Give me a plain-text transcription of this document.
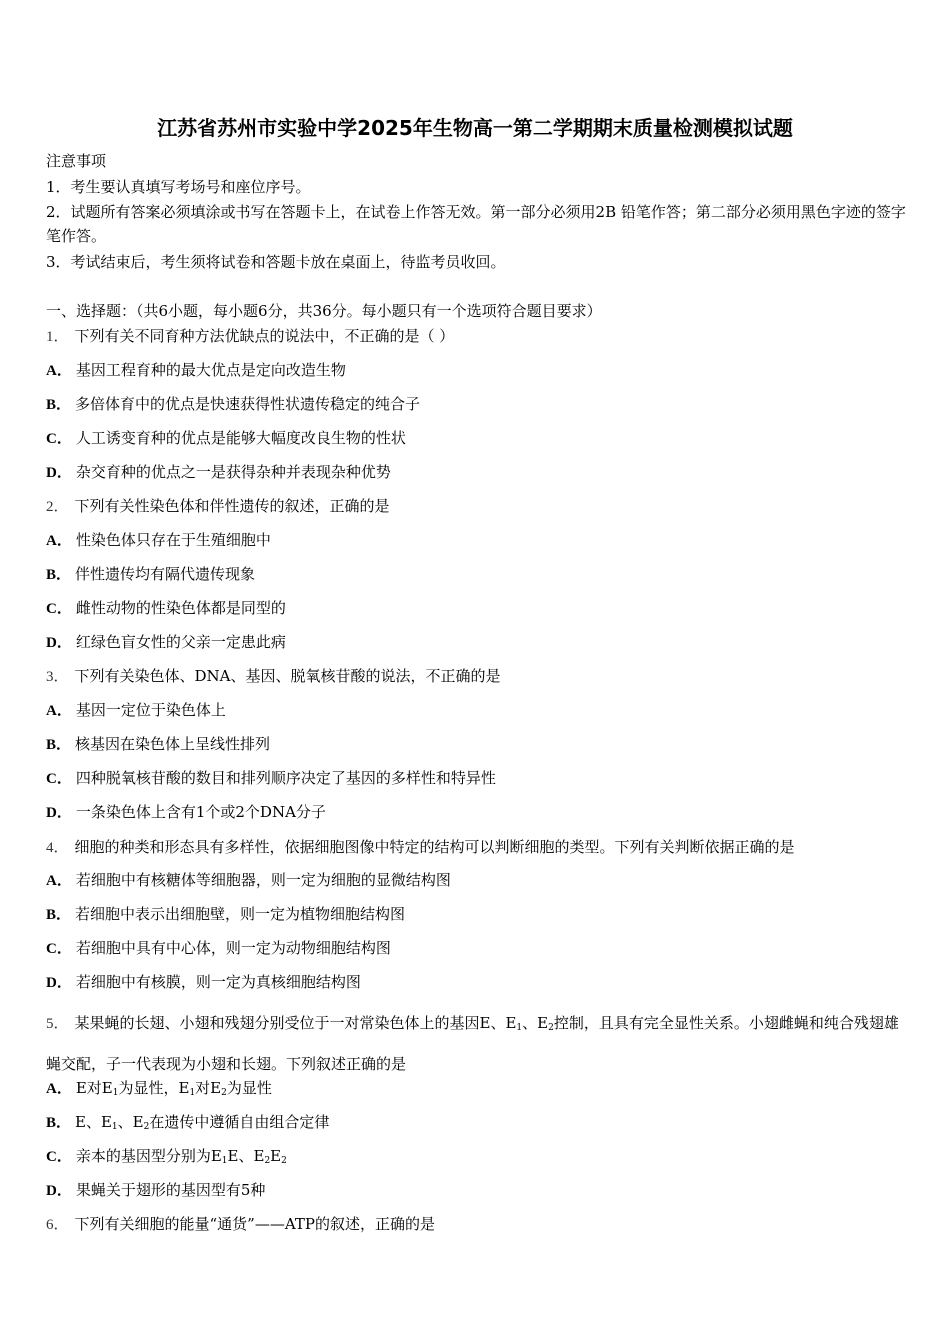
江苏省苏州市实验中学2025年生物高一第二学期期末质量检测模拟试题
注意事项
1．考生要认真填写考场号和座位序号。
2．试题所有答案必须填涂或书写在答题卡上，在试卷上作答无效。第一部分必须用2B 铅笔作答；第二部分必须用黑色字迹的签字笔作答。
3．考试结束后，考生须将试卷和答题卡放在桌面上，待监考员收回。
一、选择题：（共6小题，每小题6分，共36分。每小题只有一个选项符合题目要求）
1． 下列有关不同育种方法优缺点的说法中，不正确的是（ ）
A． 基因工程育种的最大优点是定向改造生物
B． 多倍体育中的优点是快速获得性状遗传稳定的纯合子
C． 人工诱变育种的优点是能够大幅度改良生物的性状
D． 杂交育种的优点之一是获得杂种并表现杂种优势
2． 下列有关性染色体和伴性遗传的叙述，正确的是
A． 性染色体只存在于生殖细胞中
B． 伴性遗传均有隔代遗传现象
C． 雌性动物的性染色体都是同型的
D． 红绿色盲女性的父亲一定患此病
3． 下列有关染色体、DNA、基因、脱氧核苷酸的说法，不正确的是
A． 基因一定位于染色体上
B． 核基因在染色体上呈线性排列
C． 四种脱氧核苷酸的数目和排列顺序决定了基因的多样性和特异性
D． 一条染色体上含有1个或2个DNA分子
4． 细胞的种类和形态具有多样性，依据细胞图像中特定的结构可以判断细胞的类型。下列有关判断依据正确的是
A． 若细胞中有核糖体等细胞器，则一定为细胞的显微结构图
B． 若细胞中表示出细胞壁，则一定为植物细胞结构图
C． 若细胞中具有中心体，则一定为动物细胞结构图
D． 若细胞中有核膜，则一定为真核细胞结构图
5． 某果蝇的长翅、小翅和残翅分别受位于一对常染色体上的基因E、$E_1$、$E_2$控制，且具有完全显性关系。小翅雌蝇和纯合残翅雄蝇交配，子一代表现为小翅和长翅。下列叙述正确的是
A． E对$E_1$为显性，$E_1$对$E_2$为显性
B． E、$E_1$、$E_2$在遗传中遵循自由组合定律
C． 亲本的基因型分别为$E_1E$、$E_2E_2$
D． 果蝇关于翅形的基因型有5种
6． 下列有关细胞的能量“通货”——ATP的叙述，正确的是
